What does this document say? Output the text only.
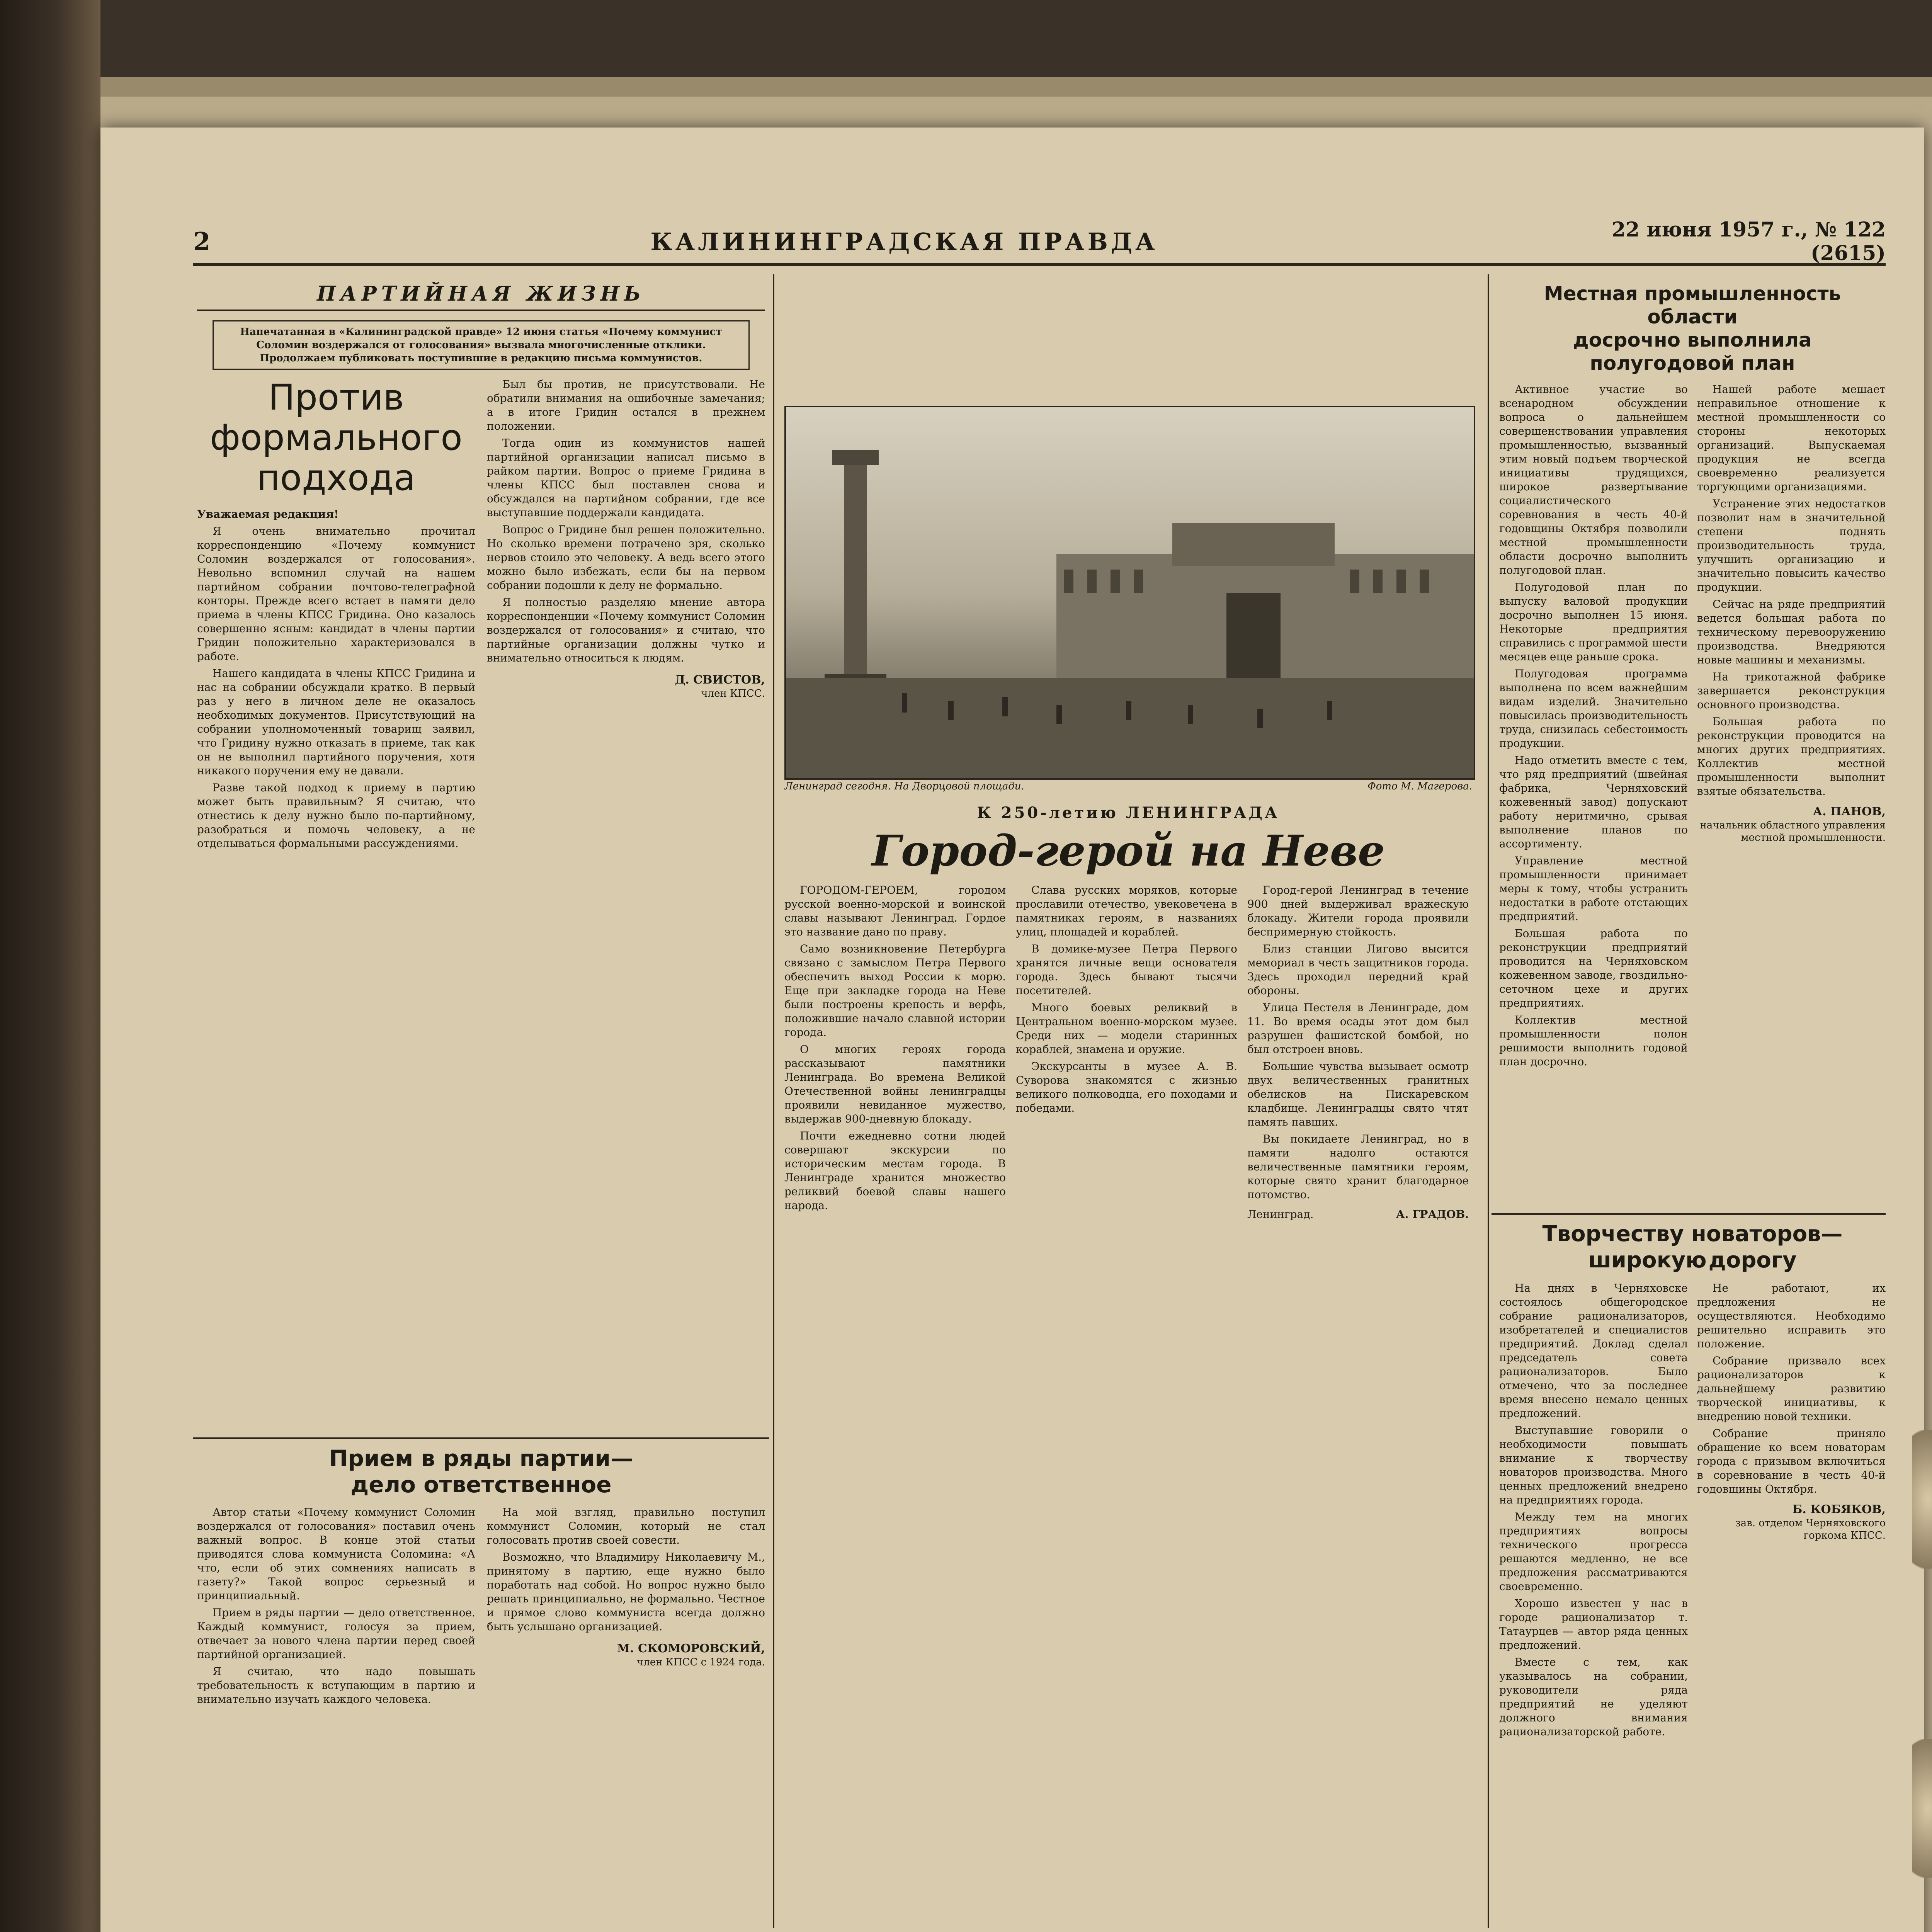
2	КАЛИНИНГРАДСКАЯ ПРАВДА	22 июня 1957 г., № 122 (2615)
ПАРТИЙНАЯ ЖИЗНЬ
Напечатанная в «Калининградской правде» 12 июня статья «Почему коммунист Соломин воздержался от голосования» вызвала многочисленные отклики. Продолжаем публиковать поступившие в редакцию письма коммунистов.
Против формального
подхода
Уважаемая редакция!

Я очень внимательно прочитал корреспонденцию «Почему коммунист Соломин воздержался от голосования». Невольно вспомнил случай на нашем партийном собрании почтово-телеграфной конторы. Прежде всего встает в памяти дело приема в члены КПСС Гридина. Оно казалось совершенно ясным: кандидат в члены партии Гридин положительно характеризовался в работе.

Нашего кандидата в члены КПСС Гридина и нас на собрании обсуждали кратко. В первый раз у него в личном деле не оказалось необходимых документов. Присутствующий на собрании уполномоченный товарищ заявил, что Гридину нужно отказать в приеме, так как он не выполнил партийного поручения, хотя никакого поручения ему не давали.

Разве такой подход к приему в партию может быть правильным? Я считаю, что отнестись к делу нужно было по-партийному, разобраться и помочь человеку, а не отделываться формальными рассуждениями.

Был бы против, не присутствовали. Не обратили внимания на ошибочные замечания; а в итоге Гридин остался в прежнем положении.

Тогда один из коммунистов нашей партийной организации написал письмо в райком партии. Вопрос о приеме Гридина в члены КПСС был поставлен снова и обсуждался на партийном собрании, где все выступавшие поддержали кандидата.

Вопрос о Гридине был решен положительно. Но сколько времени потрачено зря, сколько нервов стоило это человеку. А ведь всего этого можно было избежать, если бы на первом собрании подошли к делу не формально.

Я полностью разделяю мнение автора корреспонденции «Почему коммунист Соломин воздержался от голосования» и считаю, что партийные организации должны чутко и внимательно относиться к людям.

Д. СВИСТОВ,
член КПСС.
Прием в ряды партии—
дело ответственное

Автор статьи «Почему коммунист Соломин воздержался от голосования» поставил очень важный вопрос. В конце этой статьи приводятся слова коммуниста Соломина: «А что, если об этих сомнениях написать в газету?» Такой вопрос серьезный и принципиальный.

Прием в ряды партии — дело ответственное. Каждый коммунист, голосуя за прием, отвечает за нового члена партии перед своей партийной организацией.

Я считаю, что надо повышать требовательность к вступающим в партию и внимательно изучать каждого человека.

На мой взгляд, правильно поступил коммунист Соломин, который не стал голосовать против своей совести.

Возможно, что Владимиру Николаевичу М., принятому в партию, еще нужно было поработать над собой. Но вопрос нужно было решать принципиально, не формально. Честное и прямое слово коммуниста всегда должно быть услышано организацией.

М. СКОМОРОВСКИЙ,
член КПСС с 1924 года.
Ленинград сегодня. На Дворцовой площади.	Фото М. Магерова.
К 250-летию ЛЕНИНГРАДА
Город-герой на Неве

ГОРОДОМ-ГЕРОЕМ, городом русской военно-морской и воинской славы называют Ленинград. Гордое это название дано по праву.

Само возникновение Петербурга связано с замыслом Петра Первого обеспечить выход России к морю. Еще при закладке города на Неве были построены крепость и верфь, положившие начало славной истории города.

О многих героях города рассказывают памятники Ленинграда. Во времена Великой Отечественной войны ленинградцы проявили невиданное мужество, выдержав 900-дневную блокаду.

Почти ежедневно сотни людей совершают экскурсии по историческим местам города. В Ленинграде хранится множество реликвий боевой славы нашего народа.

Слава русских моряков, которые прославили отечество, увековечена в памятниках героям, в названиях улиц, площадей и кораблей.

В домике-музее Петра Первого хранятся личные вещи основателя города. Здесь бывают тысячи посетителей.

Много боевых реликвий в Центральном военно-морском музее. Среди них — модели старинных кораблей, знамена и оружие.

Экскурсанты в музее А. В. Суворова знакомятся с жизнью великого полководца, его походами и победами.

Город-герой Ленинград в течение 900 дней выдерживал вражескую блокаду. Жители города проявили беспримерную стойкость.

Близ станции Лигово высится мемориал в честь защитников города. Здесь проходил передний край обороны.

Улица Пестеля в Ленинграде, дом 11. Во время осады этот дом был разрушен фашистской бомбой, но был отстроен вновь.

Большие чувства вызывает осмотр двух величественных гранитных обелисков на Пискаревском кладбище. Ленинградцы свято чтят память павших.

Вы покидаете Ленинград, но в памяти надолго остаются величественные памятники героям, которые свято хранит благодарное потомство.

Ленинград.	А. ГРАДОВ.
Местная промышленность области
досрочно выполнила полугодовой план

Активное участие во всенародном обсуждении вопроса о дальнейшем совершенствовании управления промышленностью, вызванный этим новый подъем творческой инициативы трудящихся, широкое развертывание социалистического соревнования в честь 40-й годовщины Октября позволили местной промышленности области досрочно выполнить полугодовой план.

Полугодовой план по выпуску валовой продукции досрочно выполнен 15 июня. Некоторые предприятия справились с программой шести месяцев еще раньше срока.

Полугодовая программа выполнена по всем важнейшим видам изделий. Значительно повысилась производительность труда, снизилась себестоимость продукции.

Надо отметить вместе с тем, что ряд предприятий (швейная фабрика, Черняховский кожевенный завод) допускают работу неритмично, срывая выполнение планов по ассортименту.

Управление местной промышленности принимает меры к тому, чтобы устранить недостатки в работе отстающих предприятий.

Большая работа по реконструкции предприятий проводится на Черняховском кожевенном заводе, гвоздильно-сеточном цехе и других предприятиях.

Коллектив местной промышленности полон решимости выполнить годовой план досрочно.

Нашей работе мешает неправильное отношение к местной промышленности со стороны некоторых организаций. Выпускаемая продукция не всегда своевременно реализуется торгующими организациями.

Устранение этих недостатков позволит нам в значительной степени поднять производительность труда, улучшить организацию и значительно повысить качество продукции.

Сейчас на ряде предприятий ведется большая работа по техническому перевооружению производства. Внедряются новые машины и механизмы.

На трикотажной фабрике завершается реконструкция основного производства.

Большая работа по реконструкции проводится на многих других предприятиях. Коллектив местной промышленности выполнит взятые обязательства.

А. ПАНОВ,
начальник областного управления местной промышленности.
Творчеству новаторов—
широкую дорогу

На днях в Черняховске состоялось общегородское собрание рационализаторов, изобретателей и специалистов предприятий. Доклад сделал председатель совета рационализаторов. Было отмечено, что за последнее время внесено немало ценных предложений.

Выступавшие говорили о необходимости повышать внимание к творчеству новаторов производства. Много ценных предложений внедрено на предприятиях города.

Между тем на многих предприятиях вопросы технического прогресса решаются медленно, не все предложения рассматриваются своевременно.

Хорошо известен у нас в городе рационализатор т. Татаурцев — автор ряда ценных предложений.

Вместе с тем, как указывалось на собрании, руководители ряда предприятий не уделяют должного внимания рационализаторской работе.

Не работают, их предложения не осуществляются. Необходимо решительно исправить это положение.

Собрание призвало всех рационализаторов к дальнейшему развитию творческой инициативы, к внедрению новой техники.

Собрание приняло обращение ко всем новаторам города с призывом включиться в соревнование в честь 40-й годовщины Октября.

Б. КОБЯКОВ,
зав. отделом Черняховского горкома КПСС.
